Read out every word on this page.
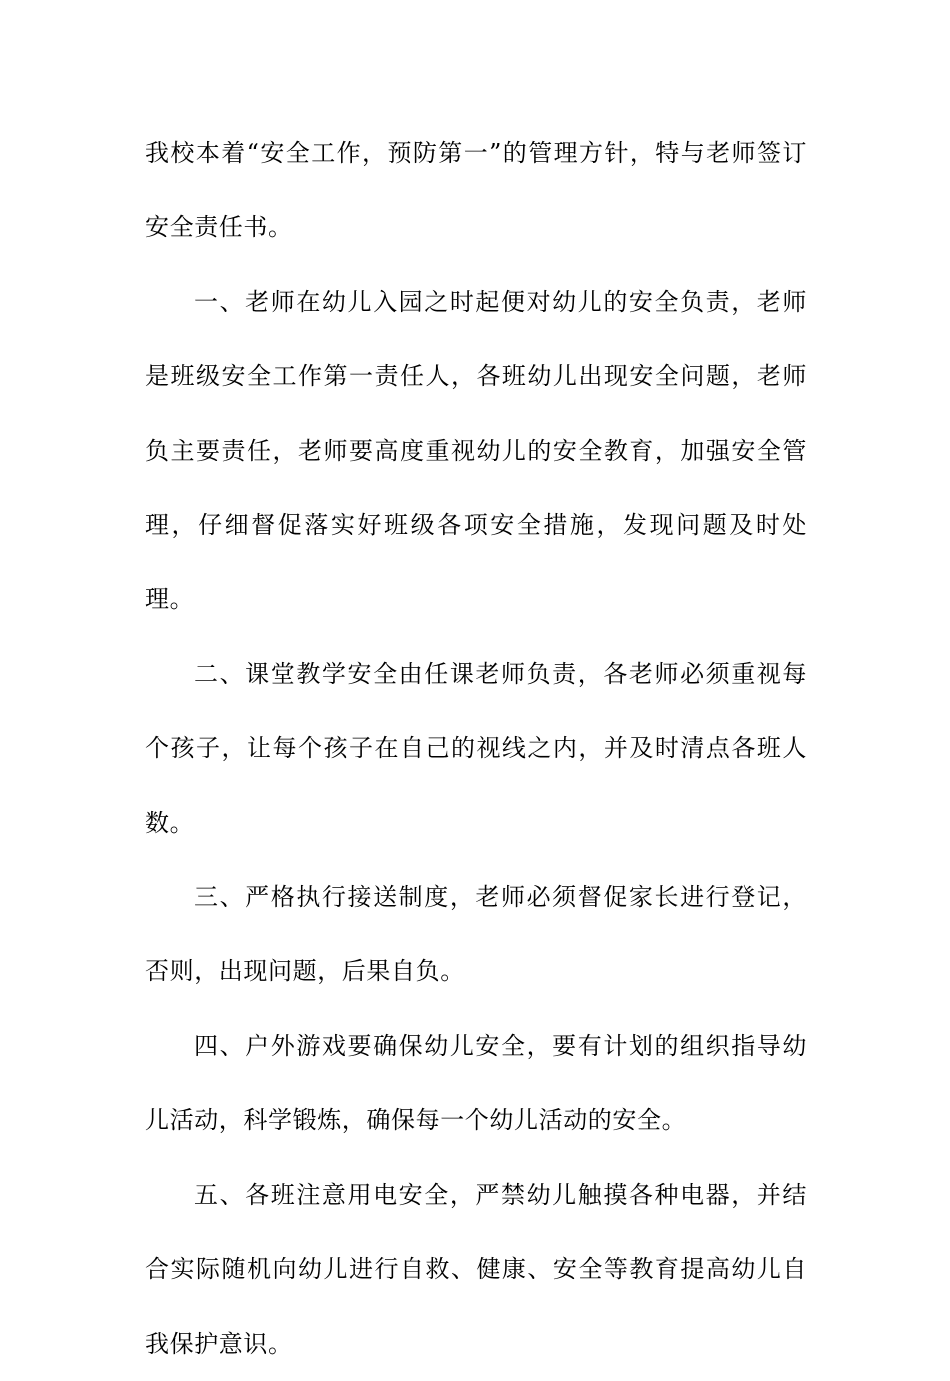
我校本着“安全工作，预防第一”的管理方针，特与老师签订安全责任书。

一、老师在幼儿入园之时起便对幼儿的安全负责，老师是班级安全工作第一责任人，各班幼儿出现安全问题，老师负主要责任，老师要高度重视幼儿的安全教育，加强安全管理，仔细督促落实好班级各项安全措施，发现问题及时处理。

二、课堂教学安全由任课老师负责，各老师必须重视每个孩子，让每个孩子在自己的视线之内，并及时清点各班人数。

三、严格执行接送制度，老师必须督促家长进行登记，否则，出现问题，后果自负。

四、户外游戏要确保幼儿安全，要有计划的组织指导幼儿活动，科学锻炼，确保每一个幼儿活动的安全。

五、各班注意用电安全，严禁幼儿触摸各种电器，并结合实际随机向幼儿进行自救、健康、安全等教育提高幼儿自我保护意识。
